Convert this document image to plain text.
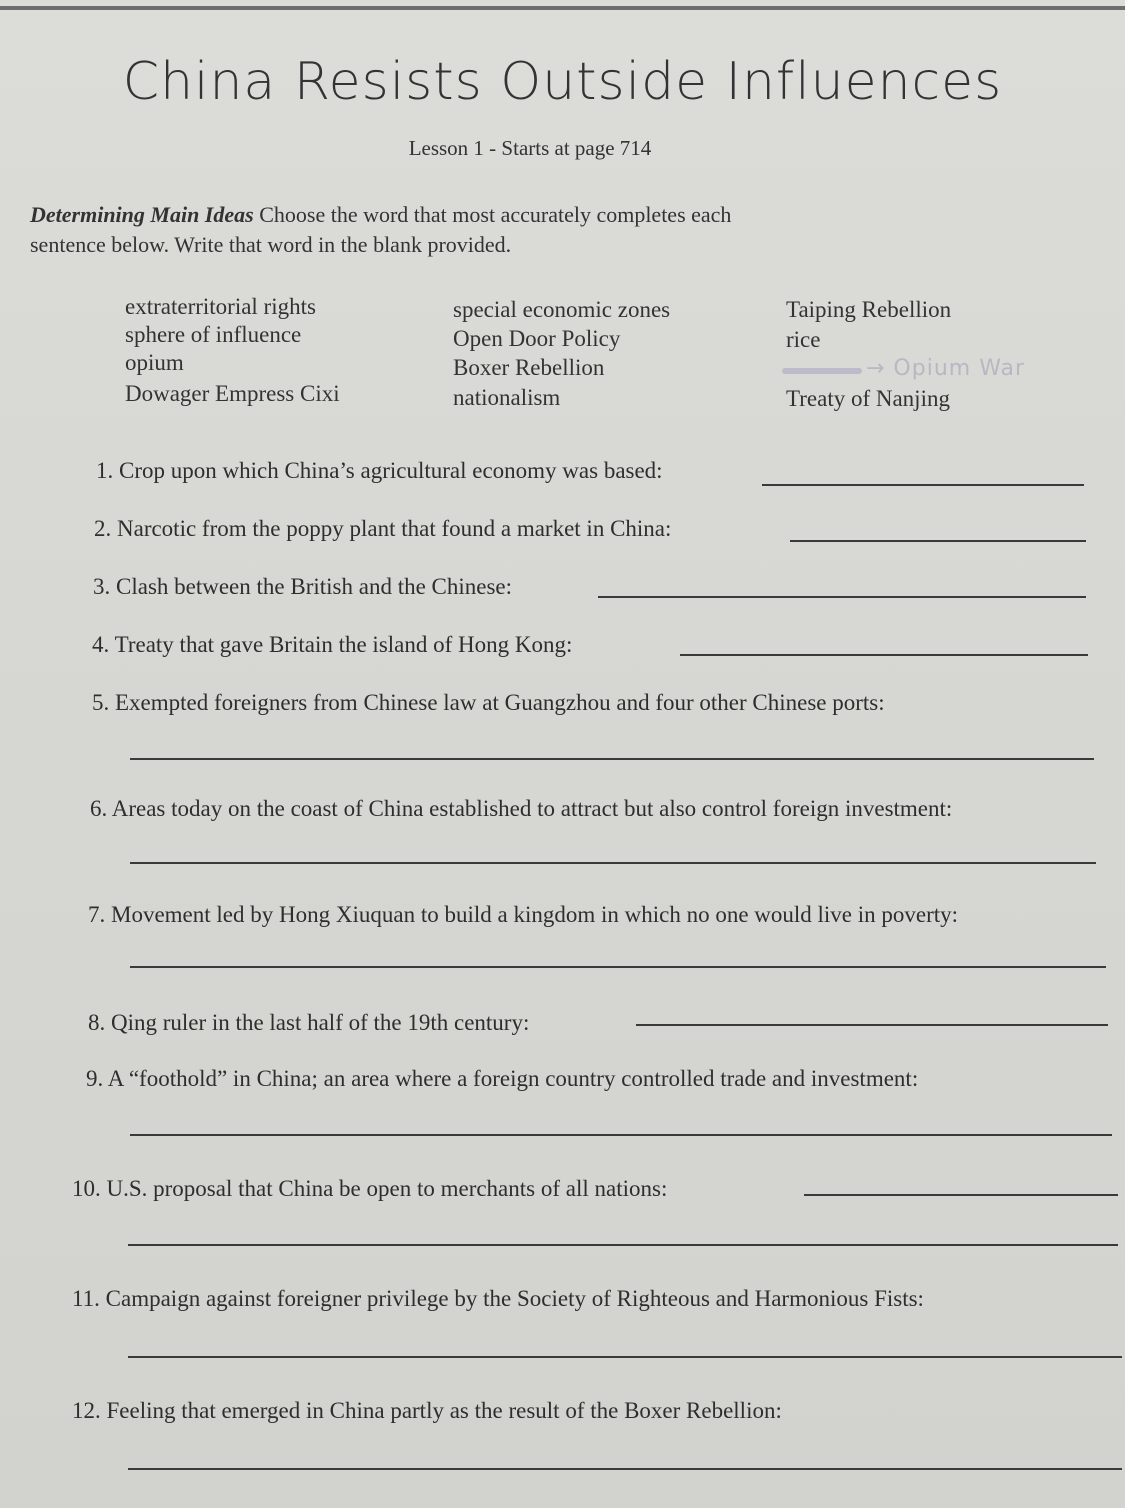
China Resists Outside Influences
Lesson 1 - Starts at page 714
Determining Main Ideas Choose the word that most accurately completes each
sentence below. Write that word in the blank provided.
extraterritorial rights
sphere of influence
opium
Dowager Empress Cixi
special economic zones
Open Door Policy
Boxer Rebellion
nationalism
Taiping Rebellion
rice
→ Opium War
Treaty of Nanjing
1. Crop upon which China’s agricultural economy was based:
2. Narcotic from the poppy plant that found a market in China:
3. Clash between the British and the Chinese:
4. Treaty that gave Britain the island of Hong Kong:
5. Exempted foreigners from Chinese law at Guangzhou and four other Chinese ports:
6. Areas today on the coast of China established to attract but also control foreign investment:
7. Movement led by Hong Xiuquan to build a kingdom in which no one would live in poverty:
8. Qing ruler in the last half of the 19th century:
9. A “foothold” in China; an area where a foreign country controlled trade and investment:
10. U.S. proposal that China be open to merchants of all nations:
11. Campaign against foreigner privilege by the Society of Righteous and Harmonious Fists:
12. Feeling that emerged in China partly as the result of the Boxer Rebellion:
